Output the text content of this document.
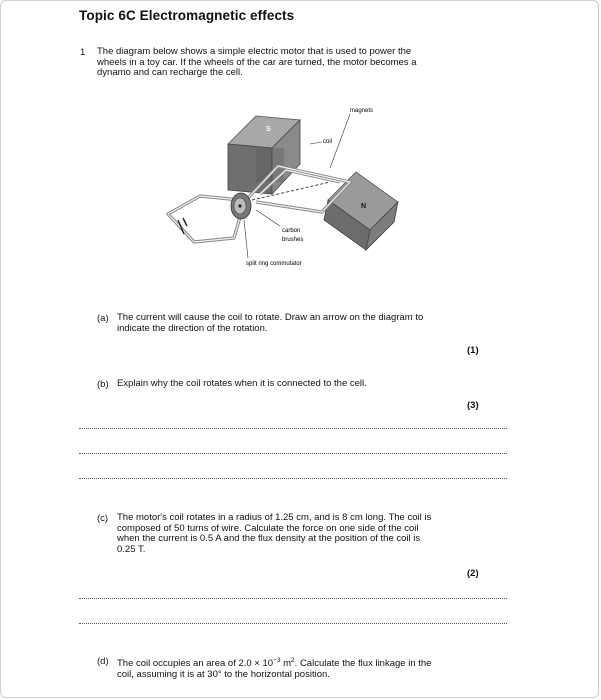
Topic 6C Electromagnetic effects
1 The diagram below shows a simple electric motor that is used to power the
wheels in a toy car. If the wheels of the car are turned, the motor becomes a
dynamo and can recharge the cell.

magnets
S
coil
N
carbon
brushes
split ring commutator
(a) The current will cause the coil to rotate. Draw an arrow on the diagram to
indicate the direction of the rotation.

(1)
(b) Explain why the coil rotates when it is connected to the cell.

(3)
(c) The motor's coil rotates in a radius of 1.25 cm, and is 8 cm long. The coil is
composed of 50 turns of wire. Calculate the force on one side of the coil
when the current is 0.5 A and the flux density at the position of the coil is
0.25 T.

(2)
(d) The coil occupies an area of $2.0 \times 10^{-3}$ $m^2$. Calculate the flux linkage in the
coil, assuming it is at 30° to the horizontal position.
